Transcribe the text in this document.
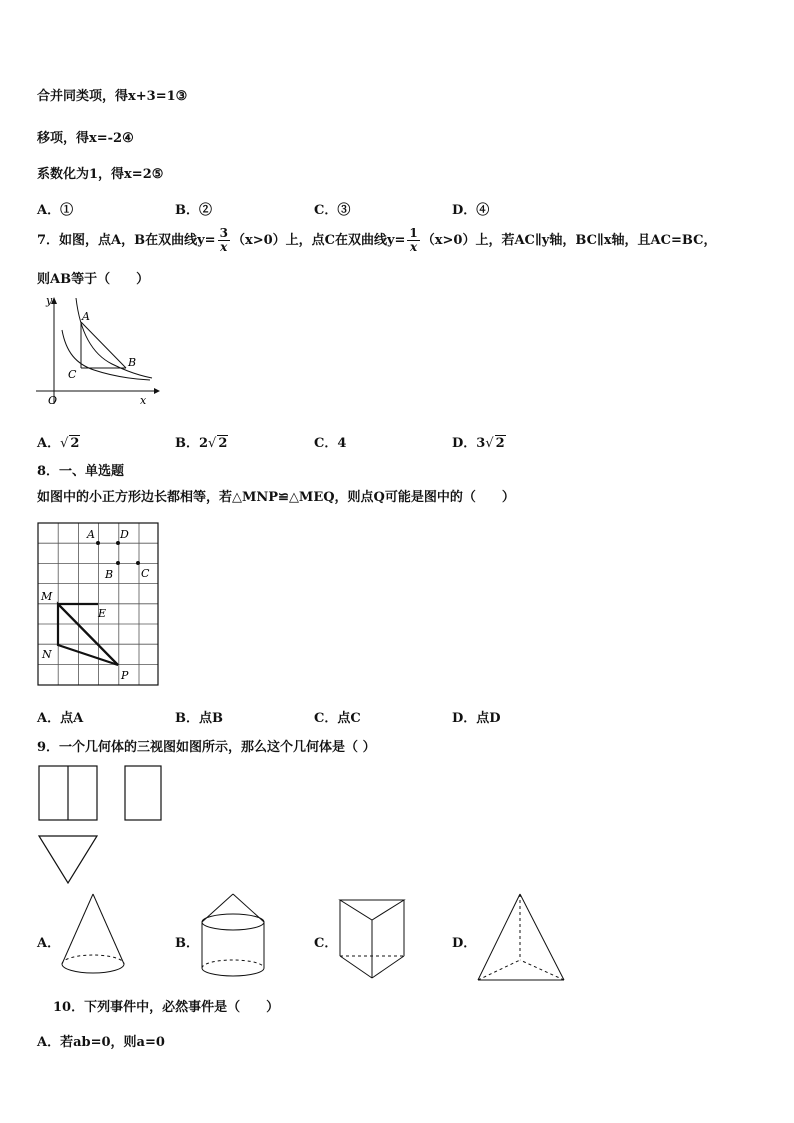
合并同类项，得x+3=1③
移项，得x=-2④
系数化为1，得x=2⑤
A．①	B．②	C．③	D．④
7．如图，点A，B在双曲线$y= \frac{3}{x} (x>0)$上，点C在双曲线$y= \frac{1}{x} (x>0)$上，若AC∥y轴，BC∥x轴，且AC=BC，
则AB等于（　　）
y
x
O
A
B
C
A．√ 2	B．2√ 2	C．4	D．3√ 2
8．一、单选题
如图中的小正方形边长都相等，若△MNP≌△MEQ，则点Q可能是图中的（　　）
A D
B	C
M
E
N
P
A．点A	B．点B	C．点C	D．点D
9．一个几何体的三视图如图所示，那么这个几何体是（ ）
A．	B．	C．	D．
10．下列事件中，必然事件是（　　）
A．若ab=0，则a=0
